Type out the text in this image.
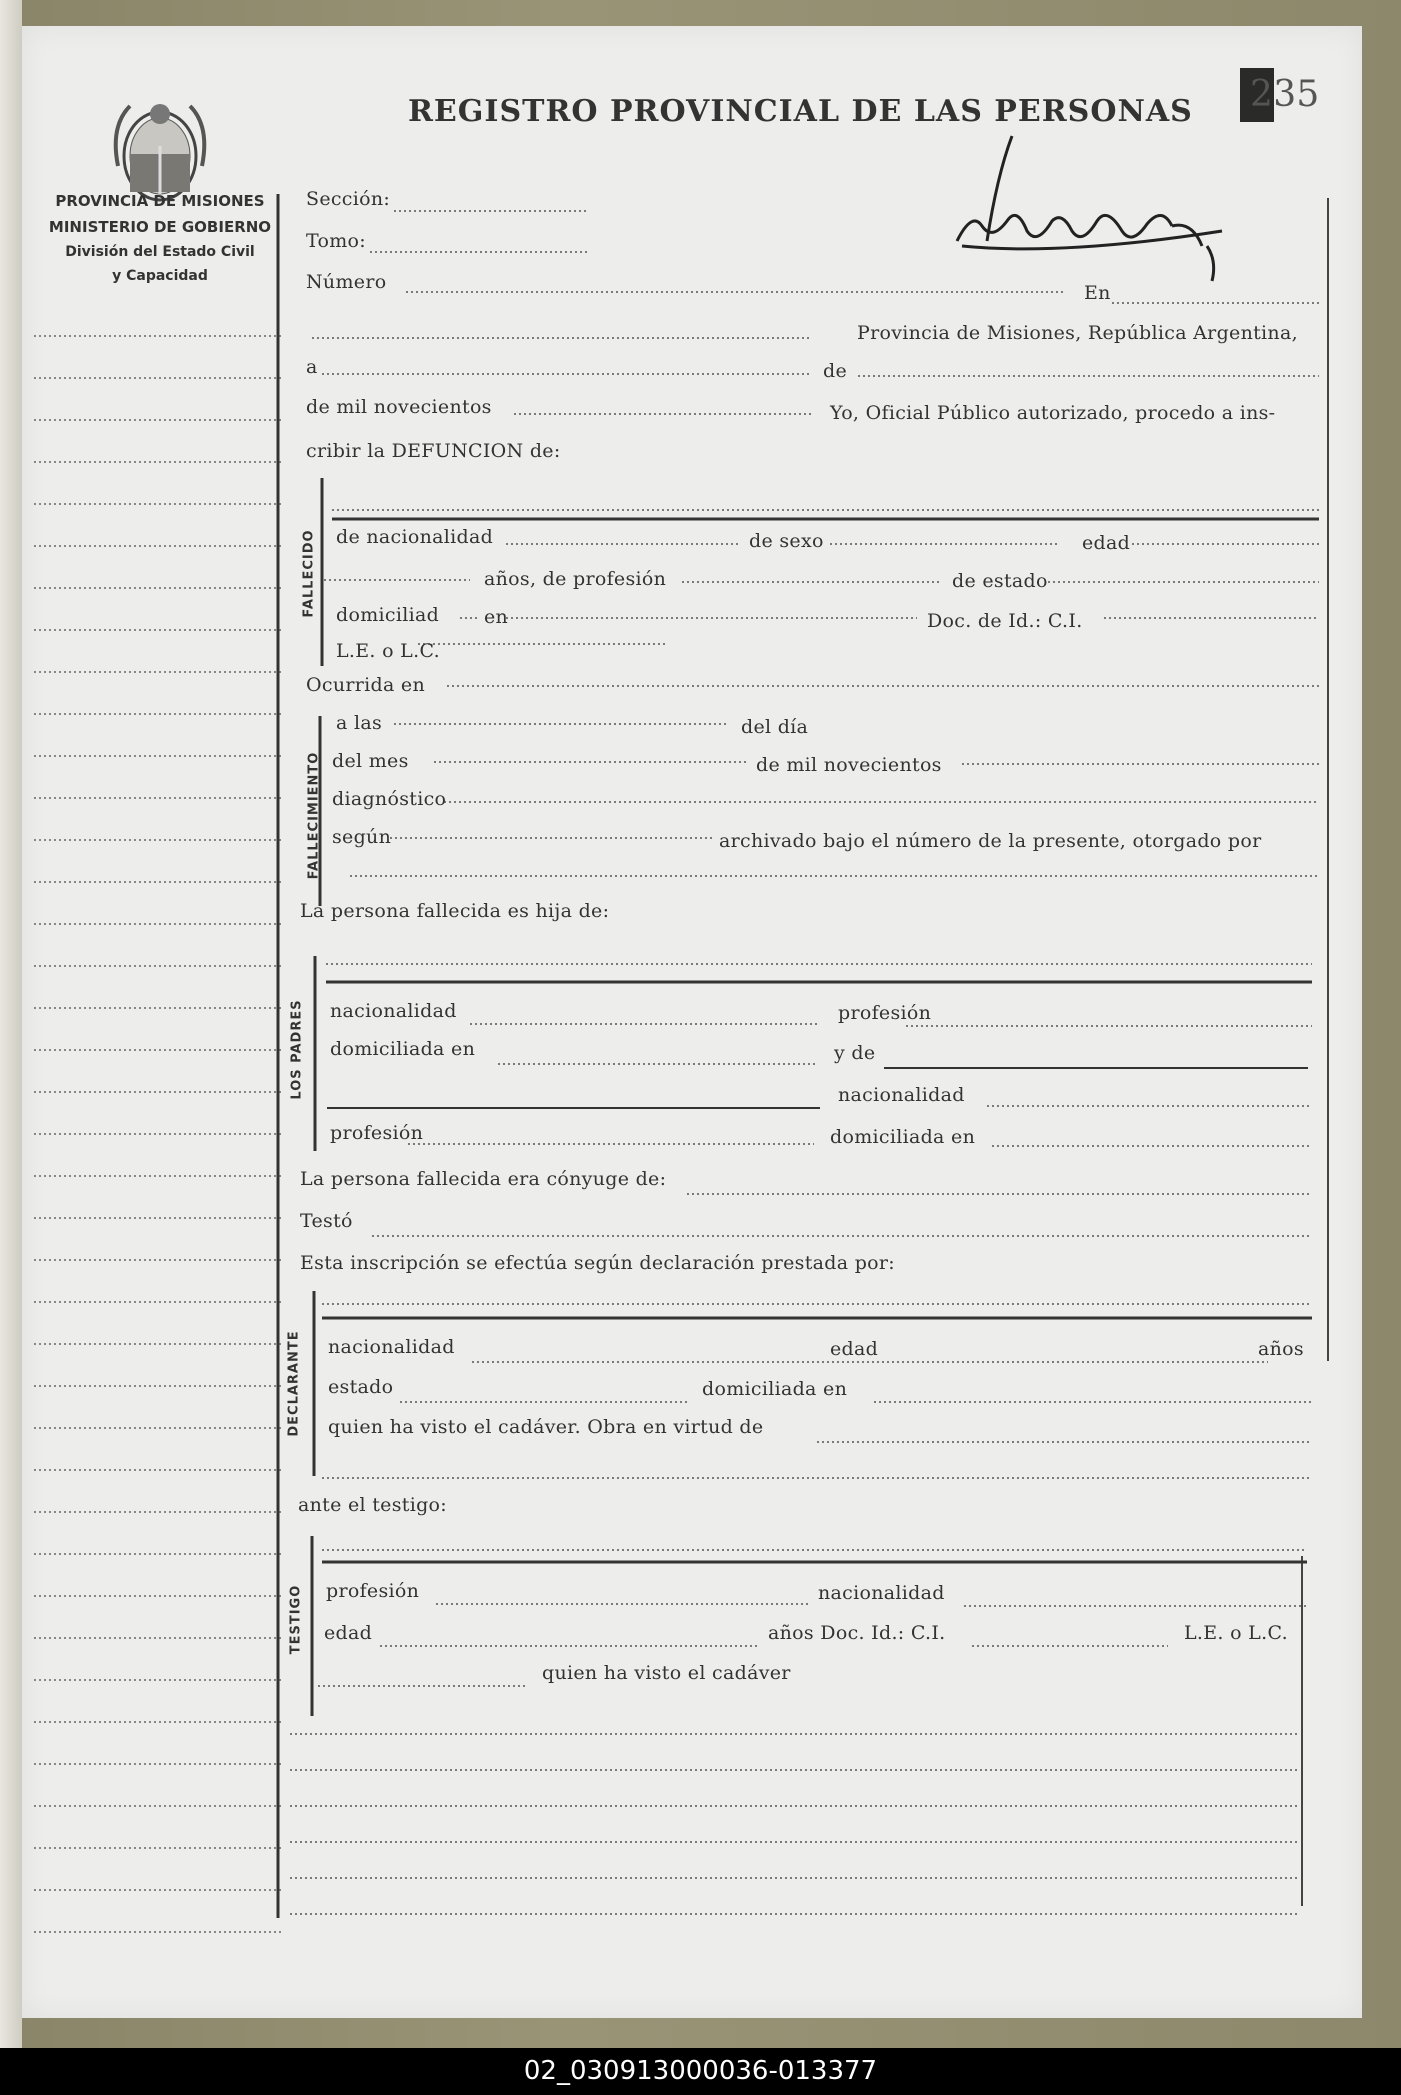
REGISTRO PROVINCIAL DE LAS PERSONAS 235
PROVINCIA DE MISIONES
MINISTERIO DE GOBIERNO
División del Estado Civil
y Capacidad
Sección:
Tomo:
Número	En
Provincia de Misiones, República Argentina,
a	de
de mil novecientos	Yo, Oficial Público autorizado, procedo a ins-
cribir la DEFUNCION de:
FALLECIDO de nacionalidad	de sexo	edad
años, de profesión	de estado
domiciliad en	Doc. de Id.: C.I.
L.E. o L.C.
Ocurrida en
FALLECIMIENTO
a las	del día
del mes	de mil novecientos
diagnóstico
según	archivado bajo el número de la presente, otorgado por
La persona fallecida es hija de:
LOS PADRES nacionalidad	profesión
domiciliada en	y de
nacionalidad
profesión	domiciliada en
La persona fallecida era cónyuge de:
Testó
Esta inscripción se efectúa según declaración prestada por:
DECLARANTE nacionalidad	edad	años
estado	domiciliada en
quien ha visto el cadáver. Obra en virtud de
ante el testigo:
TESTIGO profesión	nacionalidad
edad	años Doc. Id.: C.I.	L.E. o L.C.
quien ha visto el cadáver
02_030913000036-013377
